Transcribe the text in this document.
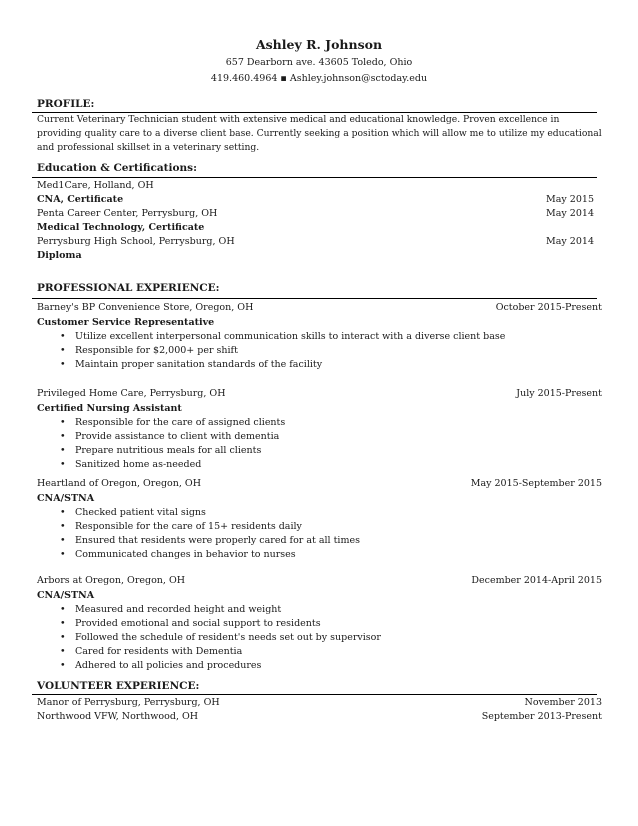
Ashley R. Johnson
657 Dearborn ave. 43605 Toledo, Ohio
419.460.4964 ▪ Ashley.johnson@sctoday.edu
PROFILE:
Current Veterinary Technician student with extensive medical and educational knowledge. Proven excellence in providing quality care to a diverse client base. Currently seeking a position which will allow me to utilize my educational and professional skillset in a veterinary setting.
Education & Certifications:
Med1Care, Holland, OH
CNA, Certificate	May 2015
Penta Career Center, Perrysburg, OH	May 2014
Medical Technology, Certificate
Perrysburg High School, Perrysburg, OH	May 2014
Diploma
PROFESSIONAL EXPERIENCE:
Barney's BP Convenience Store, Oregon, OH	October 2015-Present
Customer Service Representative
• Utilize excellent interpersonal communication skills to interact with a diverse client base
• Responsible for $2,000+ per shift
• Maintain proper sanitation standards of the facility
Privileged Home Care, Perrysburg, OH	July 2015-Present
Certified Nursing Assistant
• Responsible for the care of assigned clients
• Provide assistance to client with dementia
• Prepare nutritious meals for all clients
• Sanitized home as-needed
Heartland of Oregon, Oregon, OH	May 2015-September 2015
CNA/STNA
• Checked patient vital signs
• Responsible for the care of 15+ residents daily
• Ensured that residents were properly cared for at all times
• Communicated changes in behavior to nurses
Arbors at Oregon, Oregon, OH	December 2014-April 2015
CNA/STNA
• Measured and recorded height and weight
• Provided emotional and social support to residents
• Followed the schedule of resident's needs set out by supervisor
• Cared for residents with Dementia
• Adhered to all policies and procedures
VOLUNTEER EXPERIENCE:
Manor of Perrysburg, Perrysburg, OH	November 2013
Northwood VFW, Northwood, OH	September 2013-Present
